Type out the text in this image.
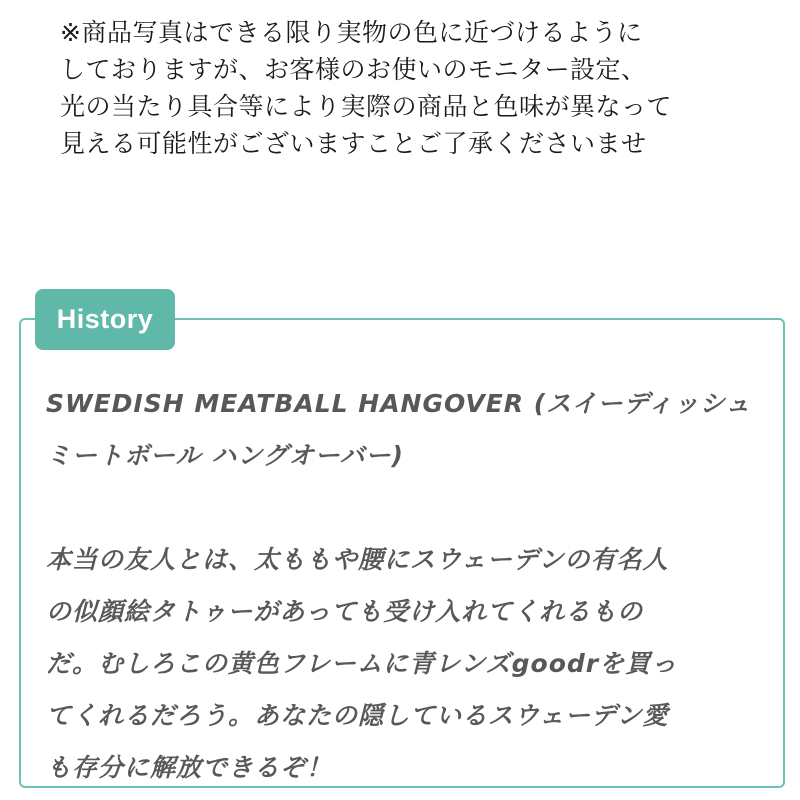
※商品写真はできる限り実物の色に近づけるように
しておりますが、お客様のお使いのモニター設定、
光の当たり具合等により実際の商品と色味が異なって
見える可能性がございますことご了承くださいませ
History
SWEDISH MEATBALL HANGOVER (スイーディッシュ
ミートボール ハングオーバー)
本当の友人とは、太ももや腰にスウェーデンの有名人
の似顔絵タトゥーがあっても受け入れてくれるもの
だ。むしろこの黄色フレームに青レンズgoodrを買っ
てくれるだろう。あなたの隠しているスウェーデン愛
も存分に解放できるぞ！
